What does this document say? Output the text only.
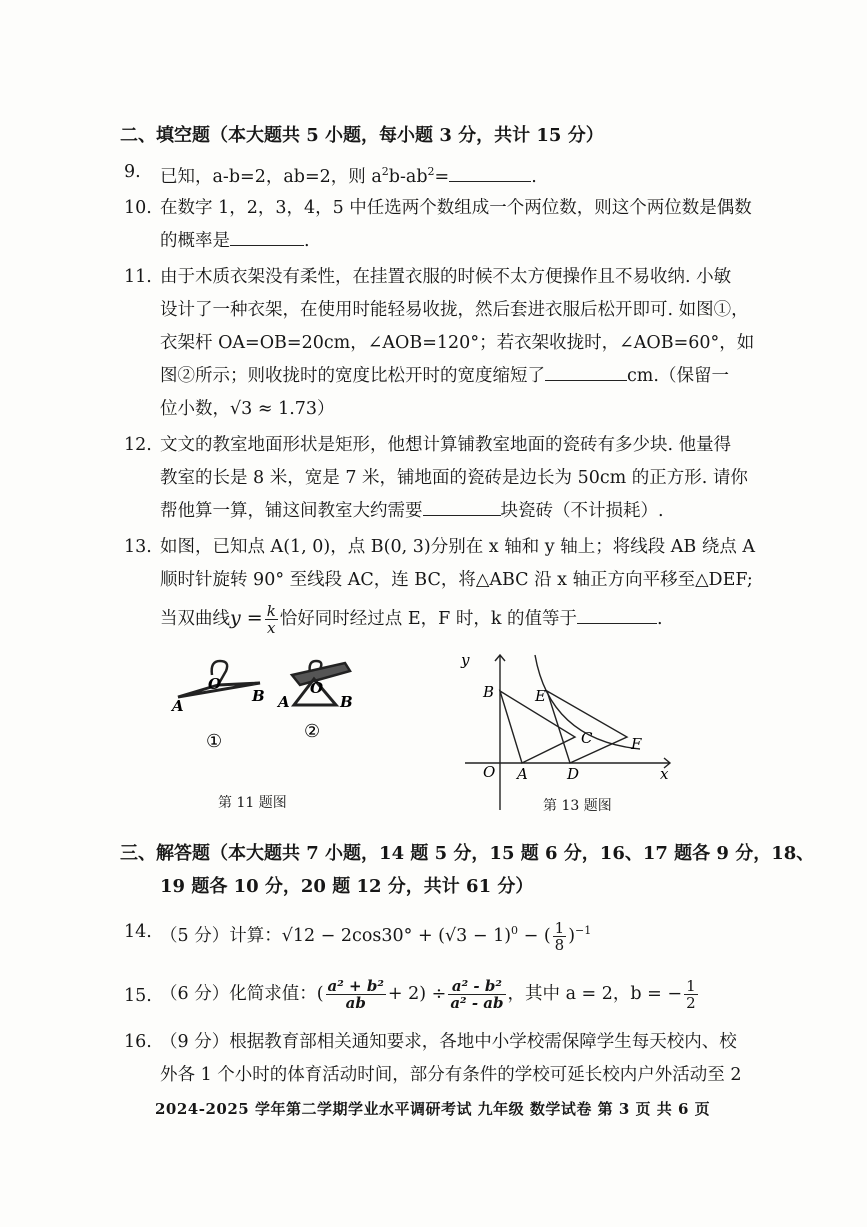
二、填空题（本大题共 5 小题，每小题 3 分，共计 15 分）
9. 已知，a-b=2，ab=2，则 $a^2b-ab^2=$	.
10. 在数字 1，2，3，4，5 中任选两个数组成一个两位数，则这个两位数是偶数
的概率是	.
11. 由于木质衣架没有柔性，在挂置衣服的时候不太方便操作且不易收纳. 小敏
设计了一种衣架，在使用时能轻易收拢，然后套进衣服后松开即可. 如图①，
衣架杆 OA=OB=20cm，∠AOB=120°；若衣架收拢时，∠AOB=60°，如
图②所示；则收拢时的宽度比松开时的宽度缩短了	cm.（保留一
位小数，√3 ≈ 1.73）
12. 文文的教室地面形状是矩形，他想计算铺教室地面的瓷砖有多少块. 他量得
教室的长是 8 米，宽是 7 米，铺地面的瓷砖是边长为 50cm 的正方形. 请你
帮他算一算，铺这间教室大约需要	块瓷砖（不计损耗）.
13. 如图，已知点 A(1, 0)，点 B(0, 3)分别在 x 轴和 y 轴上；将线段 AB 绕点 A
顺时针旋转 90° 至线段 AC，连 BC，将△ABC 沿 x 轴正方向平移至△DEF;
当双曲线$y = \frac{k}{x}$ 恰好同时经过点 E，F 时，k 的值等于	.
O
A
B
①
O
A	B
②
第 11 题图
y
x
O A
B
C
D
E
F
第 13 题图
三、解答题（本大题共 7 小题，14 题 5 分，15 题 6 分，16、17 题各 9 分，18、
19 题各 10 分，20 题 12 分，共计 61 分）
14. （5 分）计算：$√12 - 2\cos 30^\circ + (√3 - 1)^0$ − ( $\frac{1}{8} )^{-1}$
15. （6 分）化简求值：( $\frac{\text{a² + b²}}{ab} + 2) \div \frac{\text{a² - b²}}{\text{a² - ab}}$ ，其中 a = 2，b = − $\frac{1}{2}$
16. （9 分）根据教育部相关通知要求，各地中小学校需保障学生每天校内、校
外各 1 个小时的体育活动时间，部分有条件的学校可延长校内户外活动至 2
2024-2025 学年第二学期学业水平调研考试 九年级 数学试卷 第 3 页 共 6 页
